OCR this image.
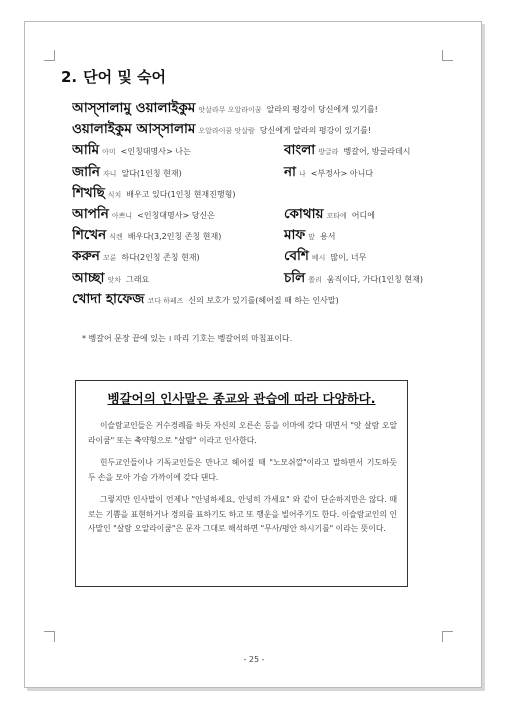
2. 단어 및 숙어
আস্সালামু ওয়ালাইকুম 앗살라무 오알라이꿈 알라의 평강이 당신에게 있기를!
ওয়ালাইকুম আস্সালাম 오알라이꿈 앗살람 당신에게 알라의 평강이 있기를!
আমি 아미 <인칭대명사> 나는	বাংলা 방글라 벵갈어, 방글라데시
জানি 자니 알다(1인칭 현재)	না 나 <부정사> 아니다
শিখছি 식치 배우고 있다(1인칭 현재진행형)
আপনি 아쁘니 <인칭대명사> 당신은	কোথায় 꼬타에 어디에
শিখেন 식켄 배우다(3,2인칭 존칭 현재)	মাফ 맢 용서
করুন 꼬룬 하다(2인칭 존칭 현재)	বেশি 베시 많이, 너무
আচ্ছা 앗차 그래요	চলি 쫄리 움직이다, 가다(1인칭 현재)
খোদা হাফেজ 코다 하페즈 신의 보호가 있기를(헤어질 때 하는 인사말)
* 벵갈어 문장 끝에 있는 । 따리 기호는 벵갈어의 마침표이다.
벵갈어의 인사말은 종교와 관습에 따라 다양하다.

이슬람교인들은 거수경례를 하듯 자신의 오른손 등을 이마에 갖다 대면서 "앗 살람 오알라이쿰" 또는 축약형으로 "살람" 이라고 인사한다.

힌두교인들이나 기독교인들은 만나고 헤어질 때 "노모쉬깔"이라고 말하면서 기도하듯 두 손을 모아 가슴 가까이에 갖다 댄다.

그렇지만 인사말이 언제나 "안녕하세요, 안녕히 가세요" 와 같이 단순하지만은 않다. 때로는 기쁨을 표현하거나 경의를 표하기도 하고 또 행운을 빌어주기도 한다. 이슬람교인의 인사말인 "살람 오알라이쿰"은 문자 그대로 해석하면 "무사/평안 하시기를" 이라는 뜻이다.

- 25 -
